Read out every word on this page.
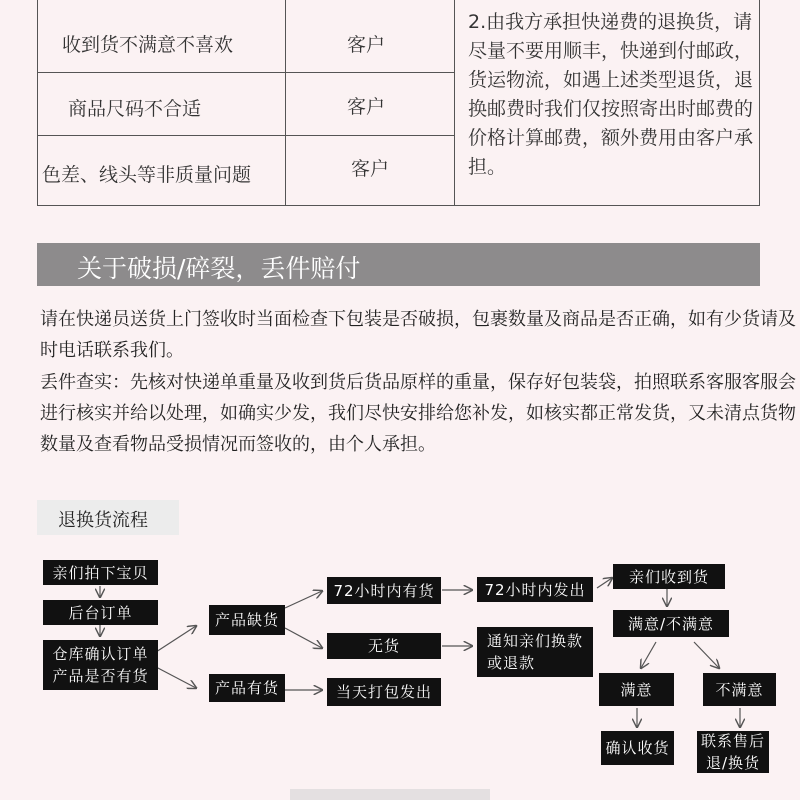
收到货不满意不喜欢	客户
商品尺码不合适	客户
色差、线头等非质量问题	客户
2.由我方承担快递费的退换货，请尽量不要用顺丰，快递到付邮政，货运物流，如遇上述类型退货，退换邮费时我们仅按照寄出时邮费的价格计算邮费，额外费用由客户承担。
关于破损/碎裂，丢件赔付
请在快递员送货上门签收时当面检查下包装是否破损，包裹数量及商品是否正确，如有少货请及时电话联系我们。
丢件查实：先核对快递单重量及收到货后货品原样的重量，保存好包装袋，拍照联系客服客服会进行核实并给以处理，如确实少发，我们尽快安排给您补发，如核实都正常发货，又未清点货物数量及查看物品受损情况而签收的，由个人承担。
退换货流程
亲们拍下宝贝
后台订单
仓库确认订单
产品是否有货
产品缺货
产品有货
72小时内有货	72小时内发出
无货	通知亲们换款
或退款
当天打包发出
亲们收到货
满意/不满意
满意	不满意
确认收货	联系售后
退/换货
